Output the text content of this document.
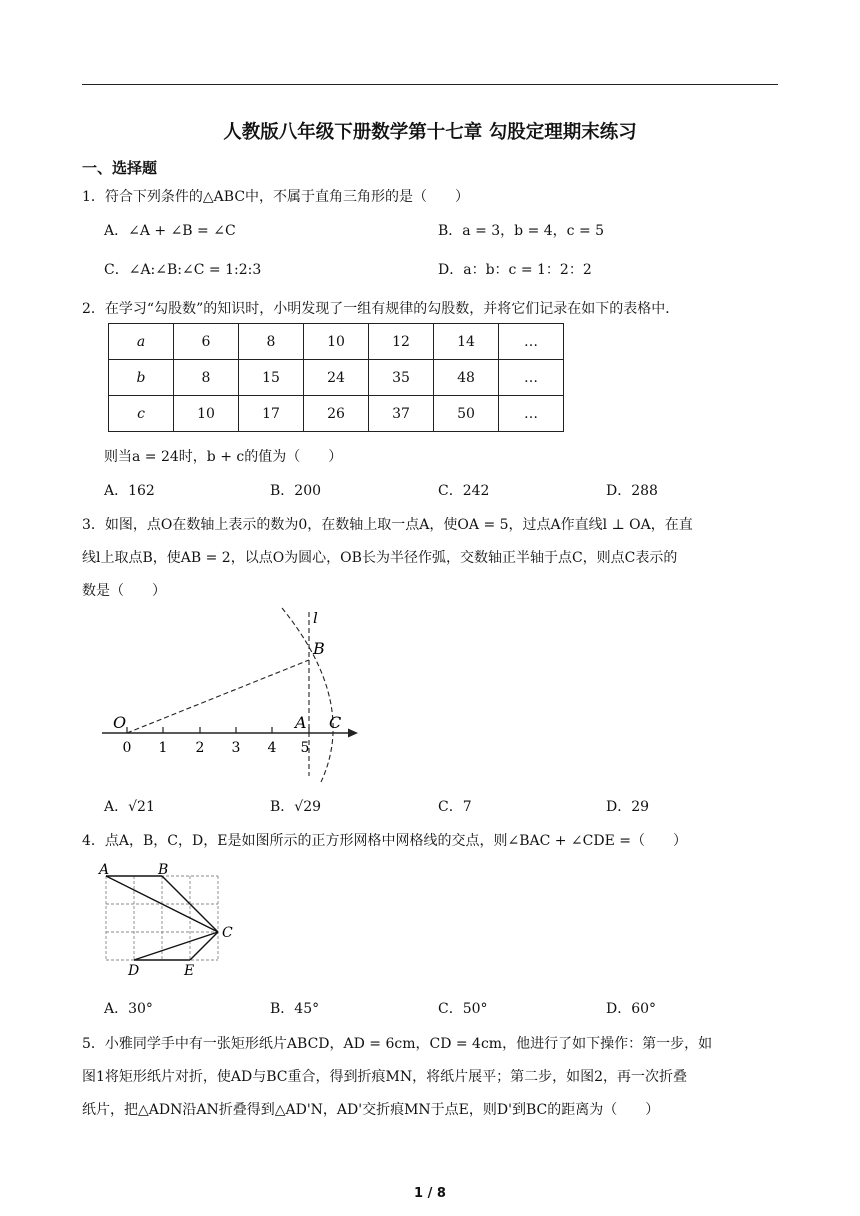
人教版八年级下册数学第十七章 勾股定理期末练习
一、选择题
1．符合下列条件的△ABC中，不属于直角三角形的是（　　）
A．∠A + ∠B = ∠C	B．a = 3，b = 4，c = 5
C．∠A:∠B:∠C = 1:2:3	D．a：b：c = 1：2：2
2．在学习“勾股数”的知识时，小明发现了一组有规律的勾股数，并将它们记录在如下的表格中．
a	6	8	10	12	14	…
b	8	15	24	35	48	…
c	10	17	26	37	50	…
则当a = 24时，b + c的值为（　　）
A．162	B．200	C．242	D．288
3．如图，点O在数轴上表示的数为0，在数轴上取一点A，使OA = 5，过点A作直线l ⊥ OA，在直
线l上取点B，使AB = 2，以点O为圆心，OB长为半径作弧，交数轴正半轴于点C，则点C表示的
数是（　　）
0 1 2 3 4 5
O	A
B
C
l
A．√21	B．√29	C．7	D．29
4．点A，B，C，D，E是如图所示的正方形网格中网格线的交点，则∠BAC + ∠CDE =（　　）
A	B
C
D	E
A．30°	B．45°	C．50°	D．60°
5．小雅同学手中有一张矩形纸片ABCD，AD = 6cm，CD = 4cm，他进行了如下操作：第一步，如
图1将矩形纸片对折，使AD与BC重合，得到折痕MN，将纸片展平；第二步，如图2，再一次折叠
纸片，把△ADN沿AN折叠得到△AD'N，AD'交折痕MN于点E，则D'到BC的距离为（　　）
1 / 8
